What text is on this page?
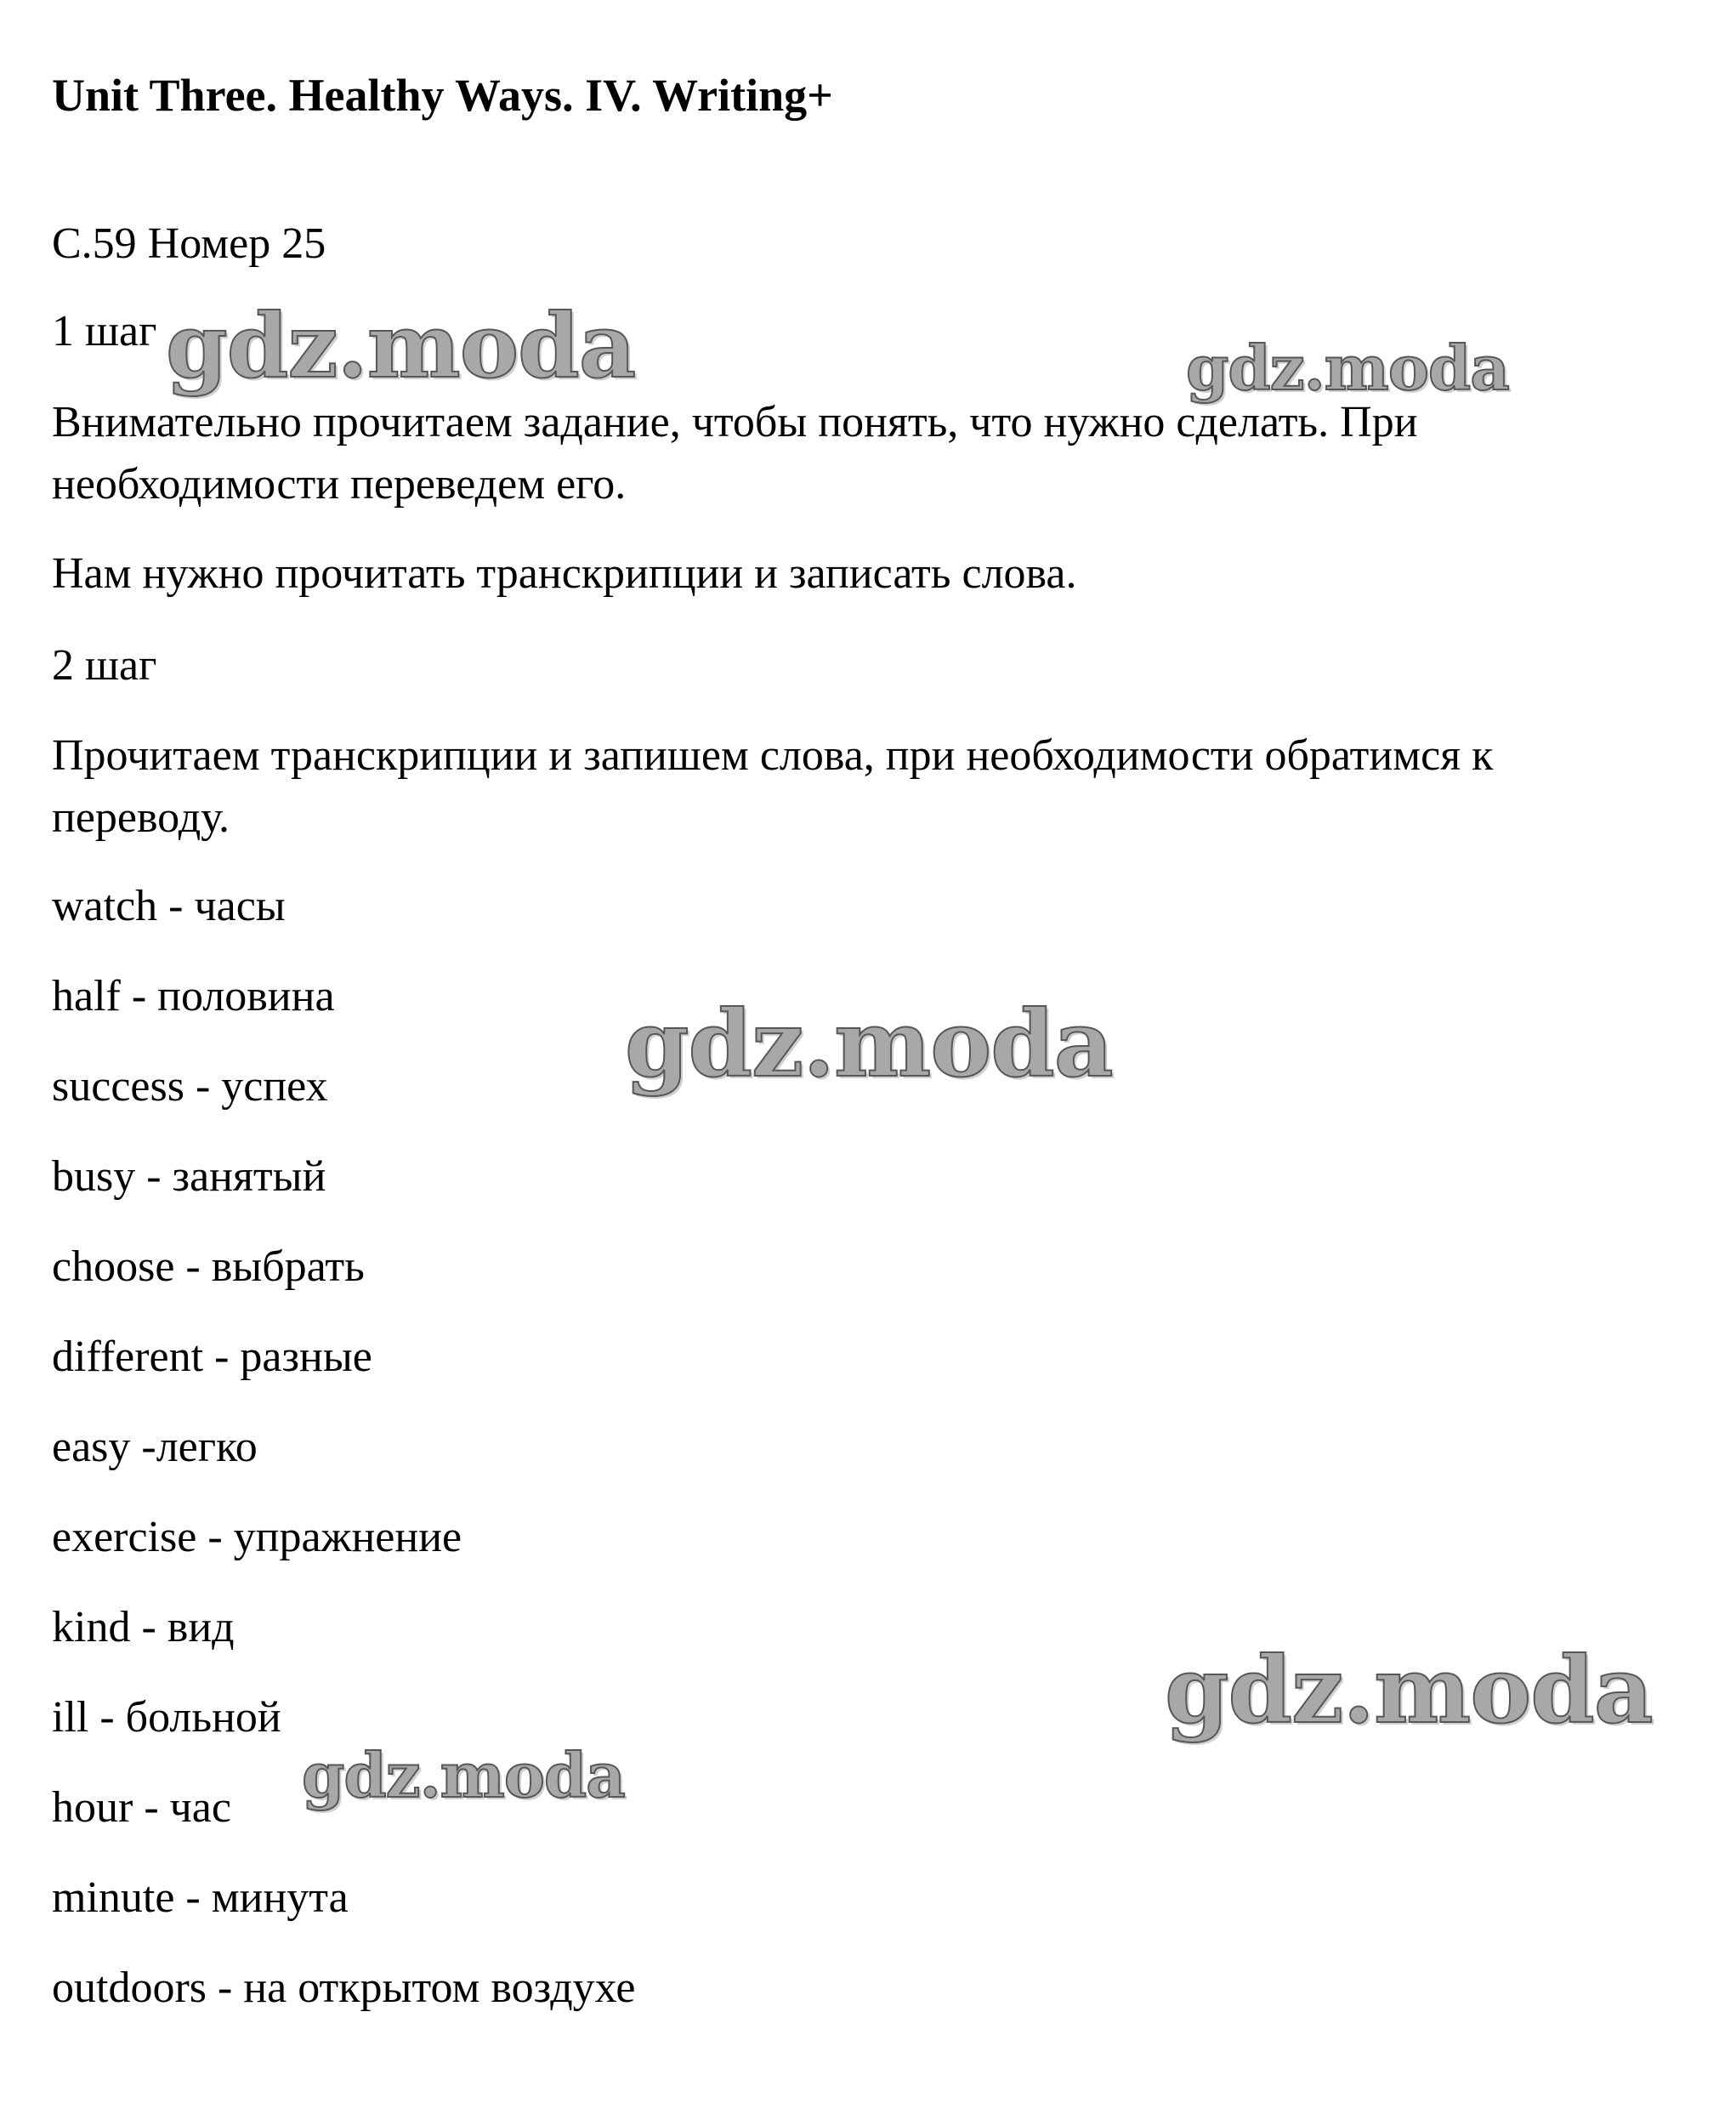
Unit Three. Healthy Ways. IV. Writing+

С.59 Номер 25

1 шаг

Внимательно прочитаем задание, чтобы понять, что нужно сделать. При

необходимости переведем его.

Нам нужно прочитать транскрипции и записать слова.

2 шаг

Прочитаем транскрипции и запишем слова, при необходимости обратимся к

переводу.

watch - часы

half - половина

success - успех

busy - занятый

choose - выбрать

different - разные

easy -легко

exercise - упражнение

kind - вид

ill - больной

hour - час

minute - минута

outdoors - на открытом воздухе

gdz.moda	gdz.moda
gdz.moda
gdz.moda
gdz.moda
